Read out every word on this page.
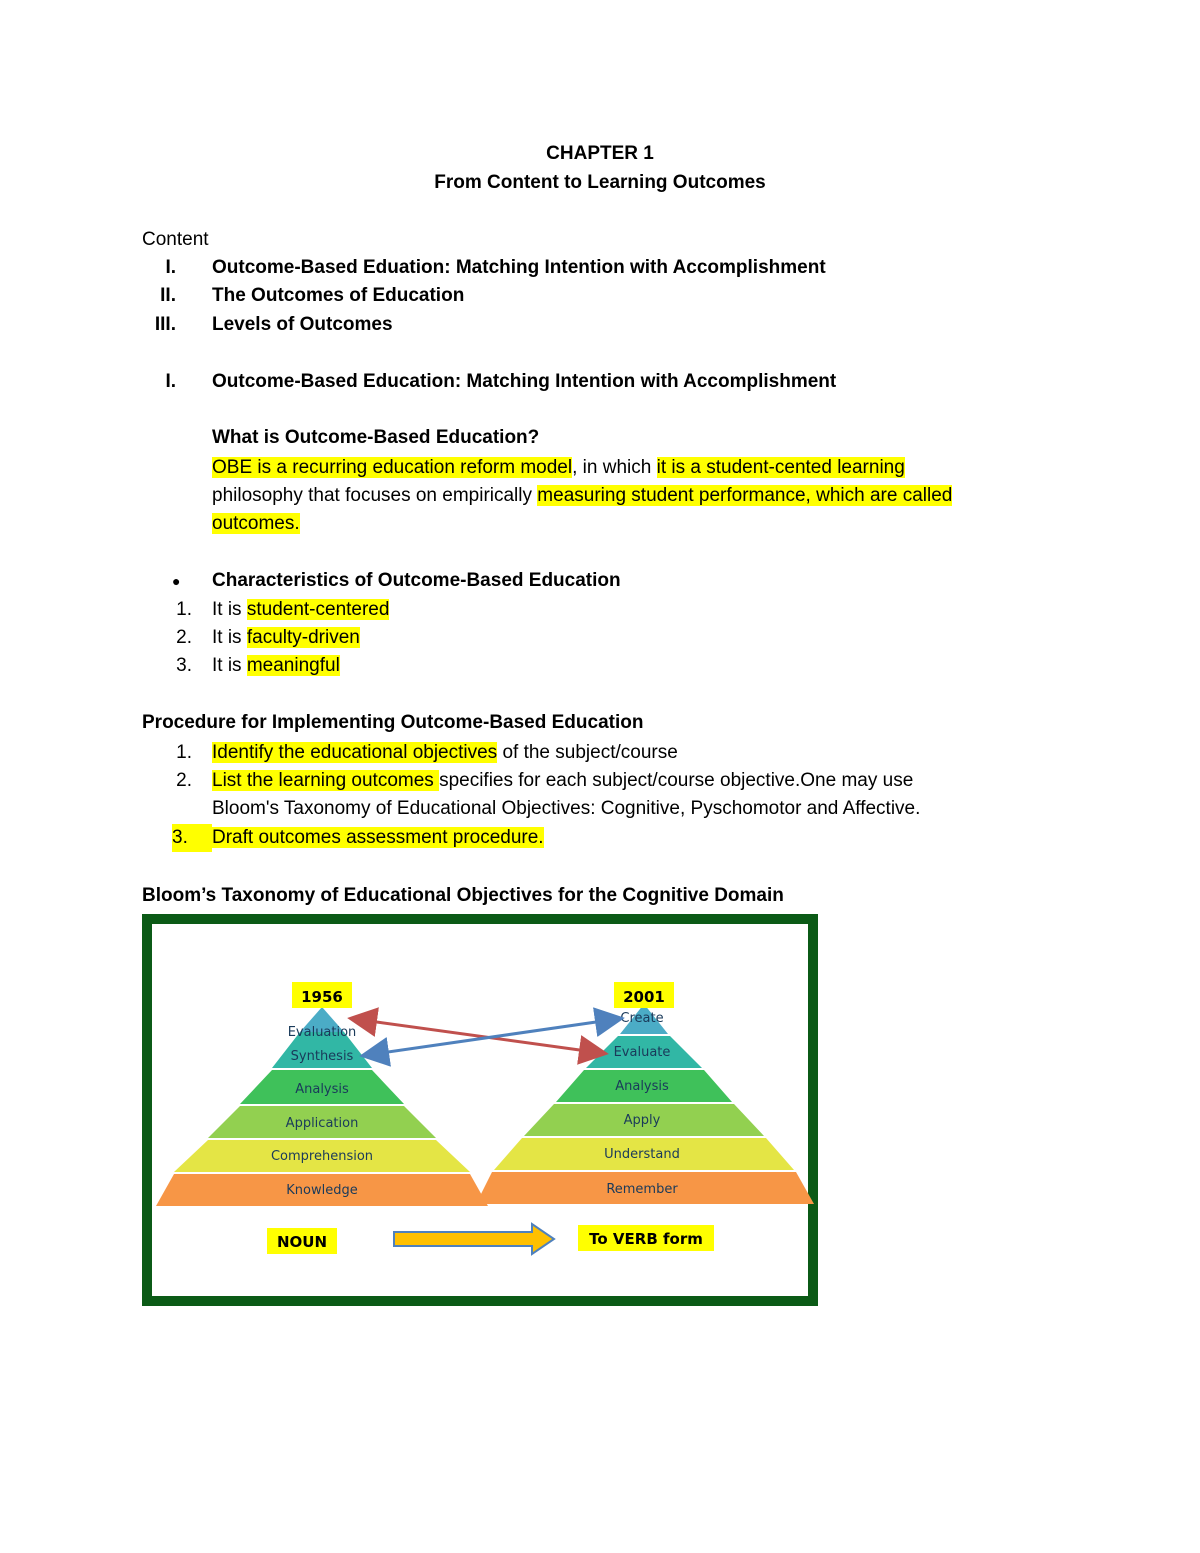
CHAPTER 1
From Content to Learning Outcomes
Content
I. Outcome-Based Eduation: Matching Intention with Accomplishment
II. The Outcomes of Education
III. Levels of Outcomes
I. Outcome-Based Education: Matching Intention with Accomplishment
What is Outcome-Based Education?
OBE is a recurring education reform model, in which it is a student-cented learning
philosophy that focuses on empirically measuring student performance, which are called
outcomes.
● Characteristics of Outcome-Based Education
1. It is student-centered
2. It is faculty-driven
3. It is meaningful
Procedure for Implementing Outcome-Based Education
1. Identify the educational objectives of the subject/course
2. List the learning outcomes specifies for each subject/course objective.One may use
Bloom's Taxonomy of Educational Objectives: Cognitive, Pyschomotor and Affective.
3.	Draft outcomes assessment procedure.
Bloom’s Taxonomy of Educational Objectives for the Cognitive Domain
1956
Evaluation
Synthesis
Analysis
Application
Comprehension
Knowledge
2001
Create
Evaluate
Analysis
Apply
Understand
Remember
NOUN	To VERB form
